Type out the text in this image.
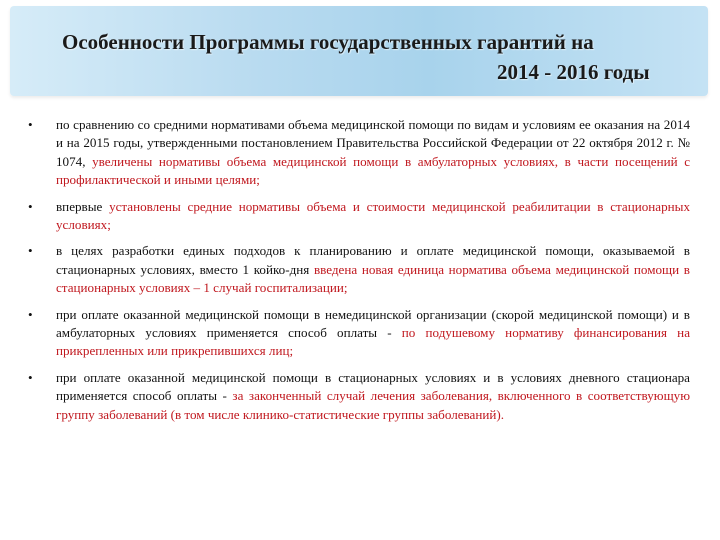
Особенности Программы государственных гарантий на
2014 - 2016 годы
• по сравнению со средними нормативами объема медицинской помощи по видам и условиям ее оказания на 2014 и на 2015 годы, утвержденными постановлением Правительства Российской Федерации от 22 октября 2012 г. № 1074, увеличены нормативы объема медицинской помощи в амбулаторных условиях, в части посещений с профилактической и иными целями;
• впервые установлены средние нормативы объема и стоимости медицинской реабилитации в стационарных условиях;
• в целях разработки единых подходов к планированию и оплате медицинской помощи, оказываемой в стационарных условиях, вместо 1 койко-дня введена новая единица норматива объема медицинской помощи в стационарных условиях – 1 случай госпитализации;
• при оплате оказанной медицинской помощи в немедицинской организации (скорой медицинской помощи) и в амбулаторных условиях применяется способ оплаты - по подушевому нормативу финансирования на прикрепленных или прикрепившихся лиц;
• при оплате оказанной медицинской помощи в стационарных условиях и в условиях дневного стационара применяется способ оплаты - за законченный случай лечения заболевания, включенного в соответствующую группу заболеваний (в том числе клинико-статистические группы заболеваний).
